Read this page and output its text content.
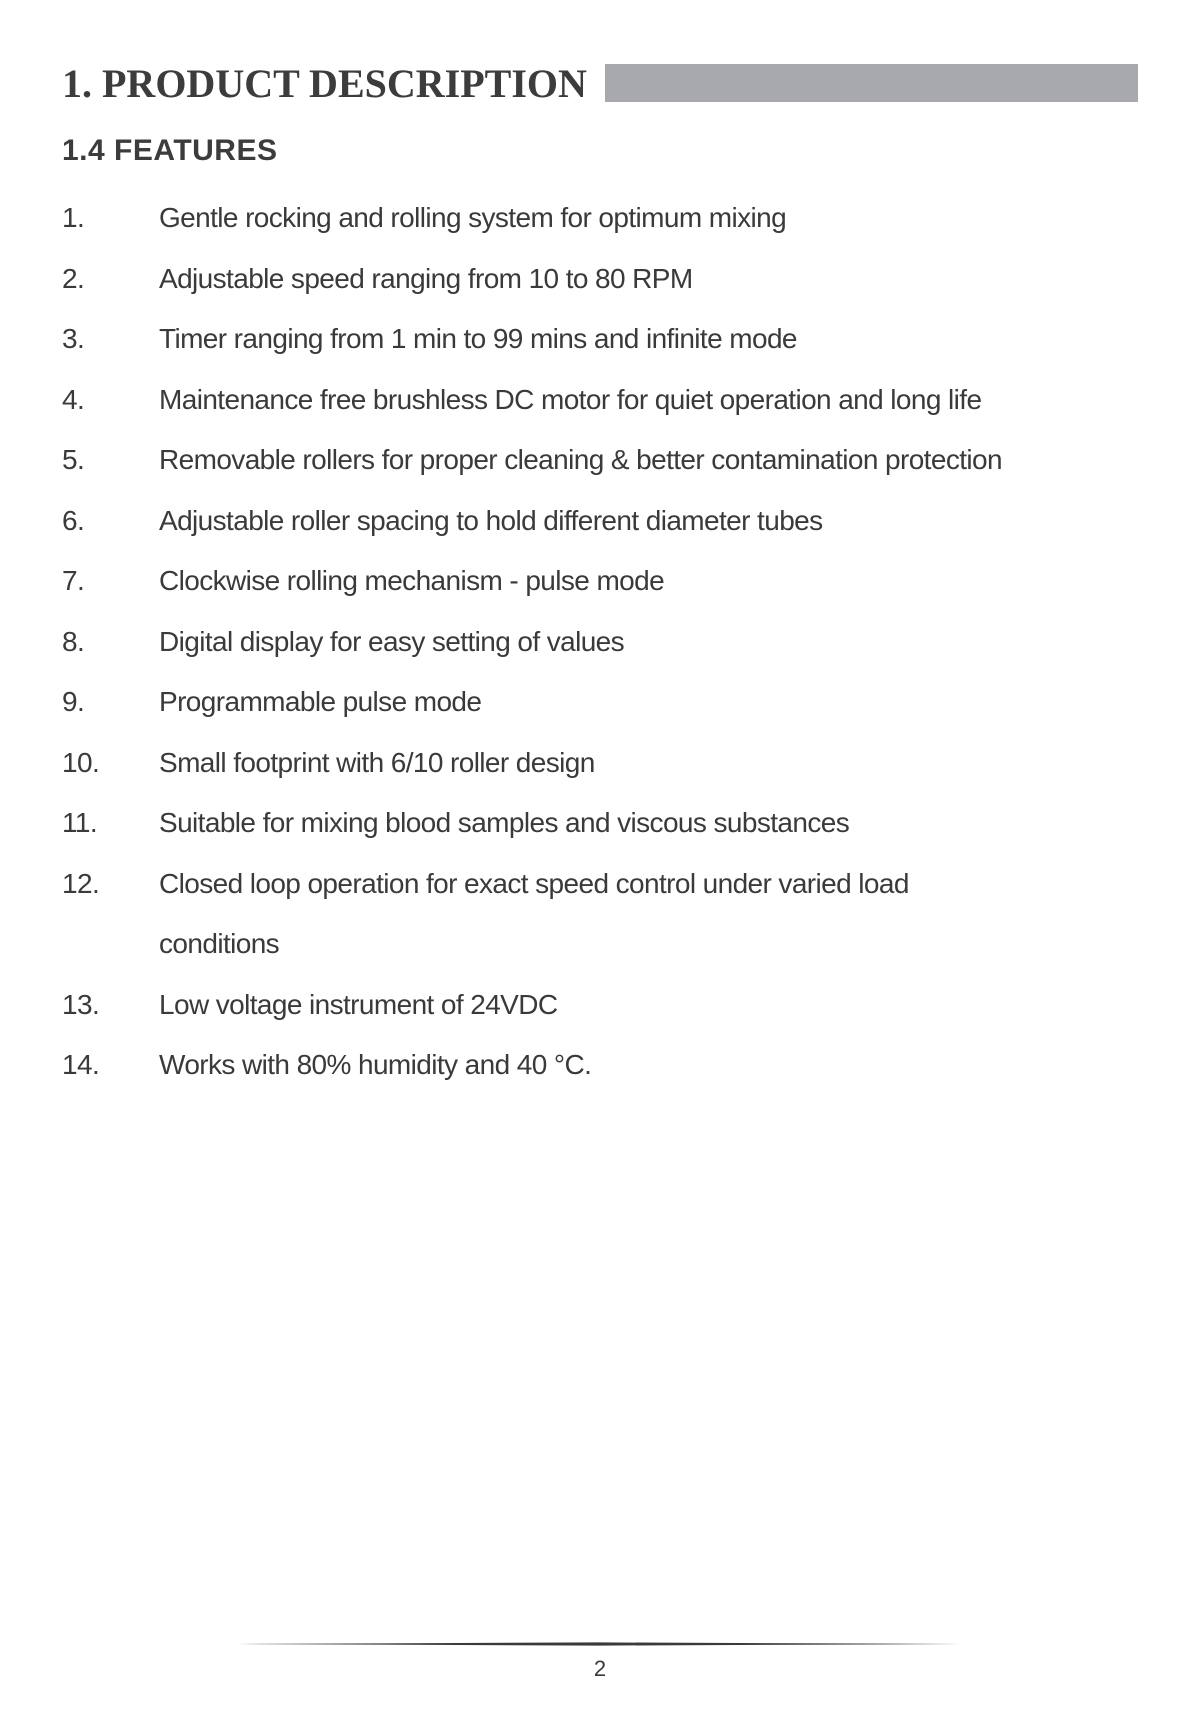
1. PRODUCT DESCRIPTION
1.4 FEATURES
1.	Gentle rocking and rolling system for optimum mixing
2.	Adjustable speed ranging from 10 to 80 RPM
3.	Timer ranging from 1 min to 99 mins and infinite mode
4.	Maintenance free brushless DC motor for quiet operation and long life
5.	Removable rollers for proper cleaning & better contamination protection
6.	Adjustable roller spacing to hold different diameter tubes
7.	Clockwise rolling mechanism - pulse mode
8.	Digital display for easy setting of values
9.	Programmable pulse mode
10.	Small footprint with 6/10 roller design
11.	Suitable for mixing blood samples and viscous substances
12.	Closed loop operation for exact speed control under varied load conditions
13.	Low voltage instrument of 24VDC
14.	Works with 80% humidity and 40 °C.
2
